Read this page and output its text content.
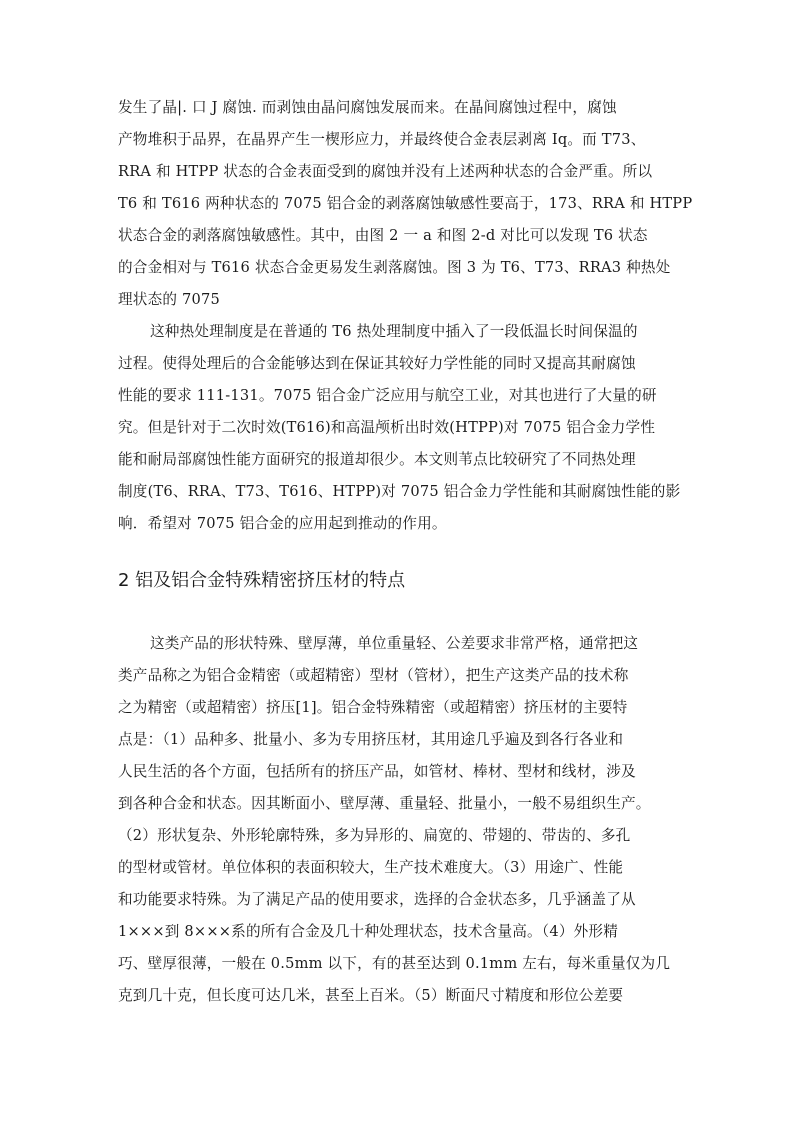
发生了晶|. 口 J 腐蚀. 而剥蚀由晶问腐蚀发展而来。在晶间腐蚀过程中，腐蚀
产物堆积于品界，在晶界产生一楔形应力，并最终使合金表层剥离 Iq。而 T73、
RRA 和 HTPP 状态的合金表面受到的腐蚀并没有上述两种状态的合金严重。所以
T6 和 T616 两种状态的 7075 铝合金的剥落腐蚀敏感性要高于，173、RRA 和 HTPP
状态合金的剥落腐蚀敏感性。其中，由图 2 一 a 和图 2-d 对比可以发现 T6 状态
的合金相对与 T616 状态合金更易发生剥落腐蚀。图 3 为 T6、T73、RRA3 种热处
理状态的 7075
这种热处理制度是在普通的 T6 热处理制度中插入了一段低温长时间保温的
过程。使得处理后的合金能够达到在保证其较好力学性能的同时又提高其耐腐蚀
性能的要求 111-131。7075 铝合金广泛应用与航空工业，对其也进行了大量的研
究。但是针对于二次时效(T616)和高温颅析出时效(HTPP)对 7075 铝合金力学性
能和耐局部腐蚀性能方面研究的报道却很少。本文则苇点比较研究了不同热处理
制度(T6、RRA、T73、T616、HTPP)对 7075 铝合金力学性能和其耐腐蚀性能的影
响．希望对 7075 铝合金的应用起到推动的作用。
2 铝及铝合金特殊精密挤压材的特点
这类产品的形状特殊、壁厚薄，单位重量轻、公差要求非常严格，通常把这
类产品称之为铝合金精密（或超精密）型材（管材），把生产这类产品的技术称
之为精密（或超精密）挤压[1]。铝合金特殊精密（或超精密）挤压材的主要特
点是：（1）品种多、批量小、多为专用挤压材，其用途几乎遍及到各行各业和
人民生活的各个方面，包括所有的挤压产品，如管材、棒材、型材和线材，涉及
到各种合金和状态。因其断面小、壁厚薄、重量轻、批量小，一般不易组织生产。
（2）形状复杂、外形轮廓特殊，多为异形的、扁宽的、带翅的、带齿的、多孔
的型材或管材。单位体积的表面积较大，生产技术难度大。（3）用途广、性能
和功能要求特殊。为了满足产品的使用要求，选择的合金状态多，几乎涵盖了从
1×××到 8×××系的所有合金及几十种处理状态，技术含量高。（4）外形精
巧、壁厚很薄，一般在 0.5mm 以下，有的甚至达到 0.1mm 左右，每米重量仅为几
克到几十克，但长度可达几米，甚至上百米。（5）断面尺寸精度和形位公差要
